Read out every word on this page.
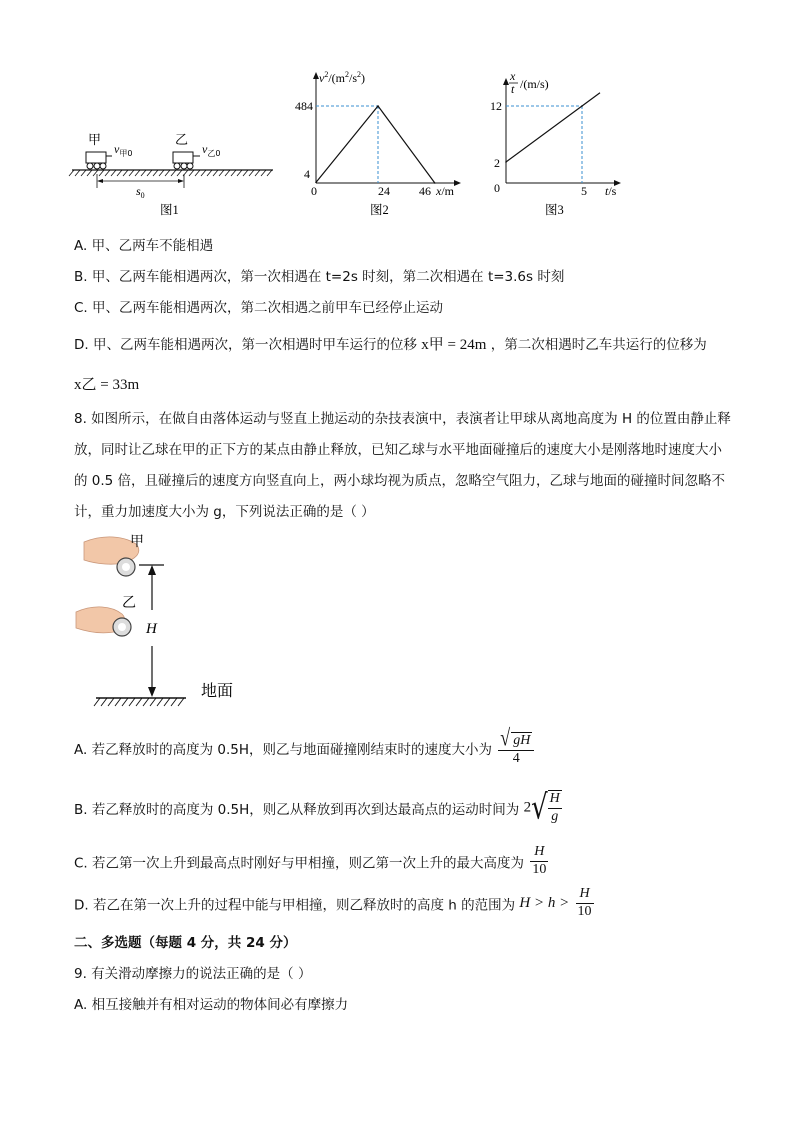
甲
$v_{甲0}$
乙
$v_{乙0}$
$s_0$
图1
$v^2/(m^2/s^2)$
484
4
0	24 46 x/m
图2
x
t /(m/s)
12
2
0	5 t/s
图3
A. 甲、乙两车不能相遇
B. 甲、乙两车能相遇两次，第一次相遇在 t=2s 时刻，第二次相遇在 t=3.6s 时刻
C. 甲、乙两车能相遇两次，第二次相遇之前甲车已经停止运动
D. 甲、乙两车能相遇两次，第一次相遇时甲车运行的位移 x甲 = 24m ，第二次相遇时乙车共运行的位移为
x乙 = 33m
8. 如图所示，在做自由落体运动与竖直上抛运动的杂技表演中，表演者让甲球从离地高度为 H 的位置由静止释放，同时让乙球在甲的正下方的某点由静止释放，已知乙球与水平地面碰撞后的速度大小是刚落地时速度大小的 0.5 倍，且碰撞后的速度方向竖直向上，两小球均视为质点，忽略空气阻力，乙球与地面的碰撞时间忽略不计，重力加速度大小为 g，下列说法正确的是（ ）
甲
乙
H
地面
A. 若乙释放时的高度为 0.5H，则乙与地面碰撞刚结束时的速度大小为 $\frac{√ gH}{4}$
B. 若乙释放时的高度为 0.5H，则乙从释放到再次到达最高点的运动时间为 $2√ \frac{H}{g}$
C. 若乙第一次上升到最高点时刚好与甲相撞，则乙第一次上升的最大高度为 $\frac{H}{10}$
D. 若乙在第一次上升的过程中能与甲相撞，则乙释放时的高度 h 的范围为 $H > h > \frac{H}{10}$
二、多选题（每题 4 分，共 24 分）
9. 有关滑动摩擦力的说法正确的是（ ）
A. 相互接触并有相对运动的物体间必有摩擦力
